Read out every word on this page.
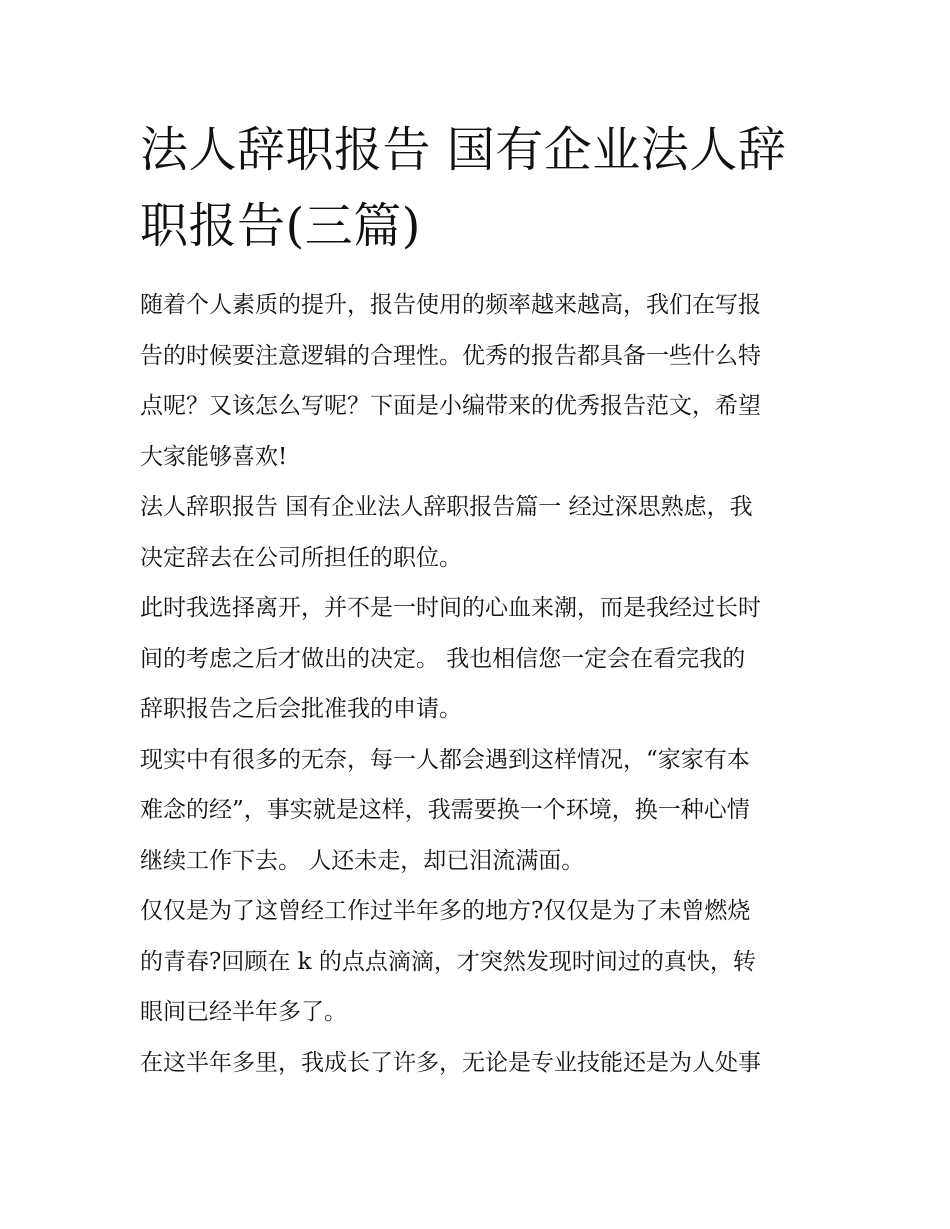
法人辞职报告 国有企业法人辞
职报告(三篇)

随着个人素质的提升，报告使用的频率越来越高，我们在写报
告的时候要注意逻辑的合理性。优秀的报告都具备一些什么特
点呢？又该怎么写呢？下面是小编带来的优秀报告范文，希望
大家能够喜欢!

法人辞职报告 国有企业法人辞职报告篇一 经过深思熟虑，我
决定辞去在公司所担任的职位。

此时我选择离开，并不是一时间的心血来潮，而是我经过长时
间的考虑之后才做出的决定。 我也相信您一定会在看完我的
辞职报告之后会批准我的申请。

现实中有很多的无奈，每一人都会遇到这样情况，“家家有本
难念的经”，事实就是这样，我需要换一个环境，换一种心情
继续工作下去。 人还未走，却已泪流满面。

仅仅是为了这曾经工作过半年多的地方?仅仅是为了未曾燃烧
的青春?回顾在 k 的点点滴滴，才突然发现时间过的真快，转
眼间已经半年多了。

在这半年多里，我成长了许多，无论是专业技能还是为人处事
